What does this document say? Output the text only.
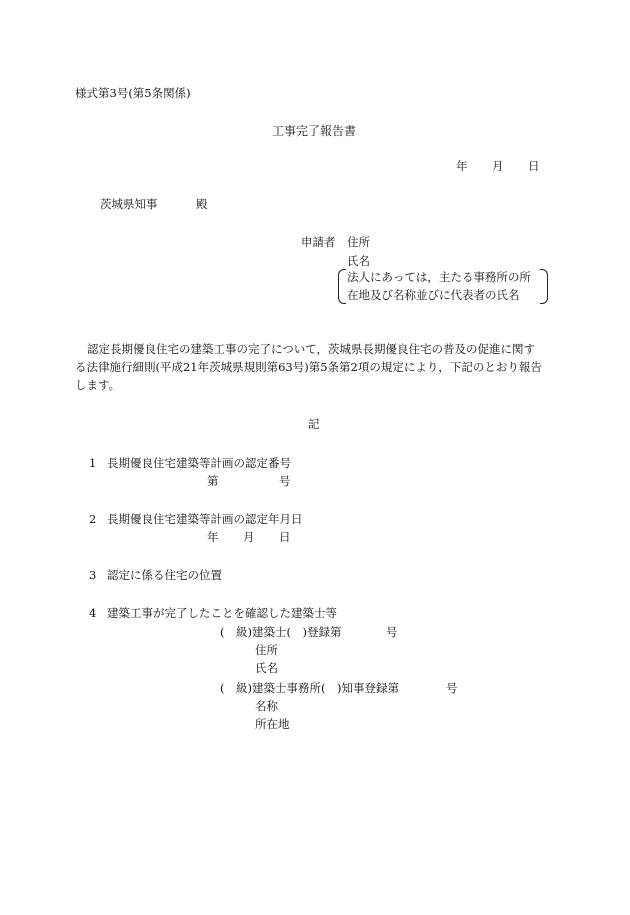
様式第3号(第5条関係)
工事完了報告書
年 月 日
茨城県知事	殿
申請者 住所
氏名
法人にあっては，主たる事務所の所
在地及び名称並びに代表者の氏名
認定長期優良住宅の建築工事の完了について，茨城県長期優良住宅の普及の促進に関す
る法律施行細則(平成21年茨城県規則第63号)第5条第2項の規定により，下記のとおり報告
します。
記
1 長期優良住宅建築等計画の認定番号
第	号
2 長期優良住宅建築等計画の認定年月日
年 月 日
3 認定に係る住宅の位置
4 建築工事が完了したことを確認した建築士等
(　級)建築士(　)登録第	号
住所
氏名
(　級)建築士事務所(　)知事登録第	号
名称
所在地
